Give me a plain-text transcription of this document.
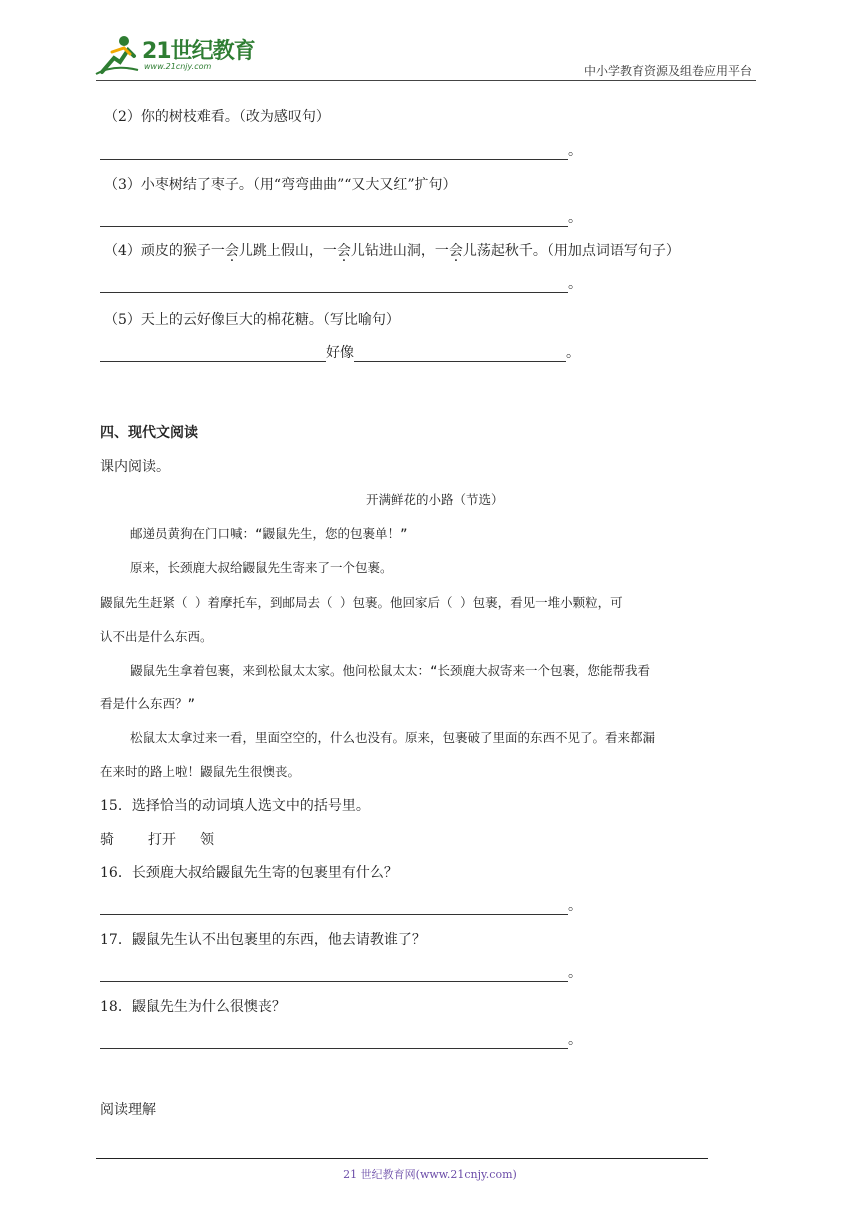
21世纪教育
www.21cnjy.com	中小学教育资源及组卷应用平台
（2）你的树枝难看。（改为感叹句）
。
（3）小枣树结了枣子。（用“弯弯曲曲”“又大又红”扩句）
。
（4）顽皮的猴子一会儿跳上假山，一会儿钻进山洞，一会儿荡起秋千。（用加点词语写句子）
。
（5）天上的云好像巨大的棉花糖。（写比喻句）
好像	。
四、现代文阅读
课内阅读。
开满鲜花的小路（节选）
邮递员黄狗在门口喊：“鼹鼠先生，您的包裹单！”
原来，长颈鹿大叔给鼹鼠先生寄来了一个包裹。
鼹鼠先生赶紧（ ）着摩托车，到邮局去（ ）包裹。他回家后（ ）包裹，看见一堆小颗粒，可
认不出是什么东西。
鼹鼠先生拿着包裹，来到松鼠太太家。他问松鼠太太：“长颈鹿大叔寄来一个包裹，您能帮我看
看是什么东西？”
松鼠太太拿过来一看，里面空空的，什么也没有。原来，包裹破了里面的东西不见了。看来都漏
在来时的路上啦！鼹鼠先生很懊丧。
15．选择恰当的动词填人选文中的括号里。
骑 打开 领
16．长颈鹿大叔给鼹鼠先生寄的包裹里有什么？
。
17．鼹鼠先生认不出包裹里的东西，他去请教谁了？
。
18．鼹鼠先生为什么很懊丧？
。
阅读理解
21 世纪教育网(www.21cnjy.com)
